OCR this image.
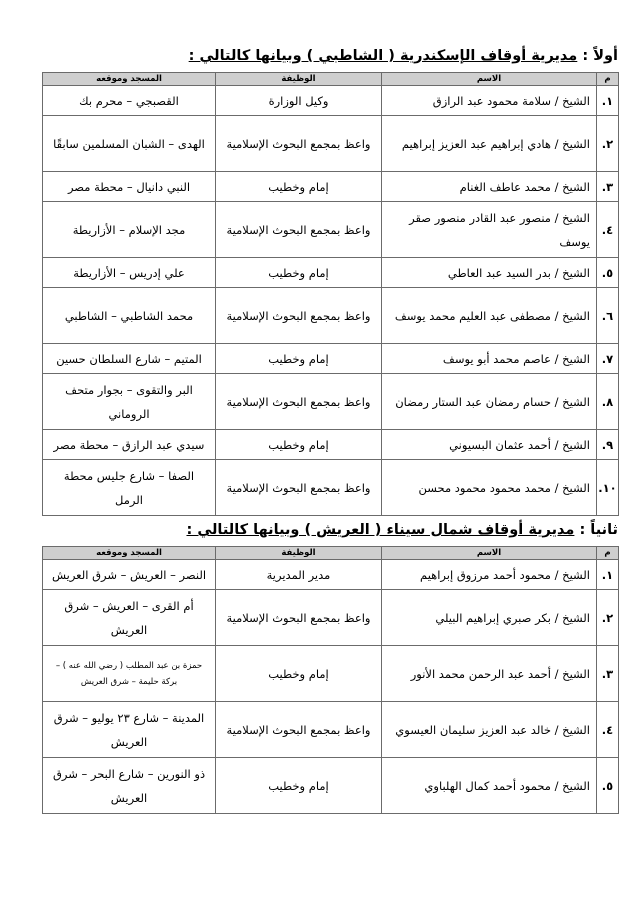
أولاً : مديرية أوقاف الإسكندرية ( الشاطبي ) وبيانها كالتالي :
م	الاسم	الوظيفة	المسجد وموقعه
١.	الشيخ / سلامة محمود عبد الرازق	وكيل الوزارة	القصبجي – محرم بك
٢.	الشيخ / هادي إبراهيم عبد العزيز إبراهيم	واعظ بمجمع البحوث الإسلامية	الهدى – الشبان المسلمين سابقًا
٣.	الشيخ / محمد عاطف الغنام	إمام وخطيب	النبي دانيال – محطة مصر
٤.	الشيخ / منصور عبد القادر منصور صقر يوسف	واعظ بمجمع البحوث الإسلامية	مجد الإسلام – الأزاريطة
٥.	الشيخ / بدر السيد عبد العاطي	إمام وخطيب	علي إدريس – الأزاريطة
٦.	الشيخ / مصطفى عبد العليم محمد يوسف	واعظ بمجمع البحوث الإسلامية	محمد الشاطبي – الشاطبي
٧.	الشيخ / عاصم محمد أبو يوسف	إمام وخطيب	المتيم – شارع السلطان حسين
٨.	الشيخ / حسام رمضان عبد الستار رمضان	واعظ بمجمع البحوث الإسلامية	البر والتقوى – بجوار متحف الروماني
٩.	الشيخ / أحمد عثمان البسيوني	إمام وخطيب	سيدي عبد الرازق – محطة مصر
١٠.	الشيخ / محمد محمود محمود محسن	واعظ بمجمع البحوث الإسلامية	الصفا – شارع جليس محطة الرمل
ثانياً : مديرية أوقاف شمال سيناء ( العريش ) وبيانها كالتالي :
م	الاسم	الوظيفة	المسجد وموقعه
١.	الشيخ / محمود أحمد مرزوق إبراهيم	مدير المديرية	النصر – العريش – شرق العريش
٢.	الشيخ / بكر صبري إبراهيم البيلي	واعظ بمجمع البحوث الإسلامية	أم القرى – العريش – شرق العريش
٣.	الشيخ / أحمد عبد الرحمن محمد الأنور	إمام وخطيب	حمزة بن عبد المطلب ( رضي الله عنه ) – بركة حليمة – شرق العريش
٤.	الشيخ / خالد عبد العزيز سليمان العيسوي	واعظ بمجمع البحوث الإسلامية	المدينة – شارع ٢٣ يوليو – شرق العريش
٥.	الشيخ / محمود أحمد كمال الهلباوي	إمام وخطيب	ذو النورين – شارع البحر – شرق العريش
